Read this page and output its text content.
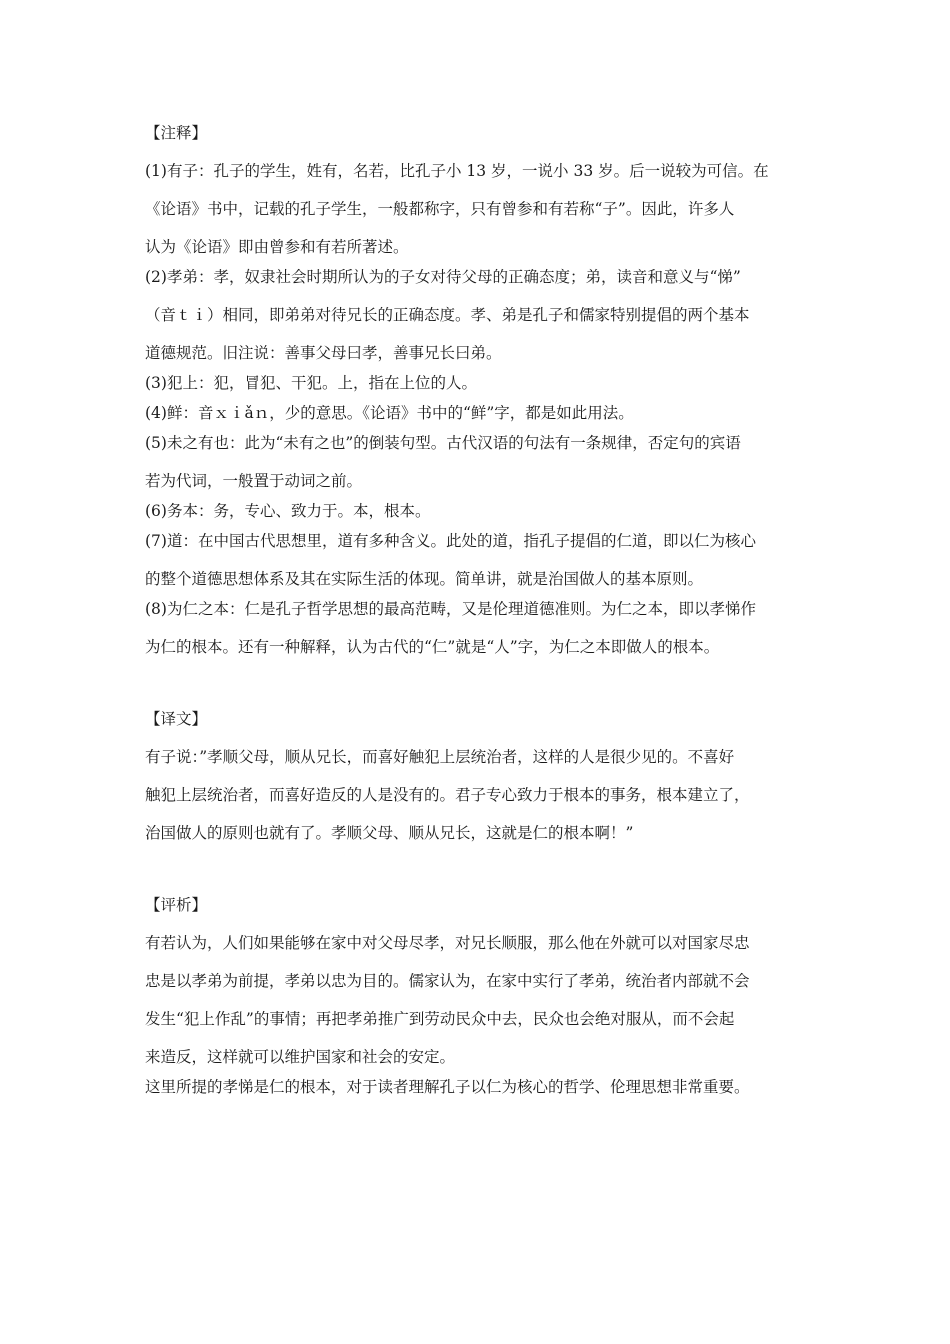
【注释】
(1)有子：孔子的学生，姓有，名若，比孔子小 13 岁，一说小 33 岁。后一说较为可信。在
《论语》书中，记载的孔子学生，一般都称字，只有曾参和有若称“子”。因此，许多人
认为《论语》即由曾参和有若所著述。
(2)孝弟：孝，奴隶社会时期所认为的子女对待父母的正确态度；弟，读音和意义与“悌”
（音ｔｉ）相同，即弟弟对待兄长的正确态度。孝、弟是孔子和儒家特别提倡的两个基本
道德规范。旧注说：善事父母曰孝，善事兄长曰弟。
(3)犯上：犯，冒犯、干犯。上，指在上位的人。
(4)鲜：音ｘｉǎｎ，少的意思。《论语》书中的“鲜”字，都是如此用法。
(5)未之有也：此为“未有之也”的倒装句型。古代汉语的句法有一条规律，否定句的宾语
若为代词，一般置于动词之前。
(6)务本：务，专心、致力于。本，根本。
(7)道：在中国古代思想里，道有多种含义。此处的道，指孔子提倡的仁道，即以仁为核心
的整个道德思想体系及其在实际生活的体现。简单讲，就是治国做人的基本原则。
(8)为仁之本：仁是孔子哲学思想的最高范畴，又是伦理道德准则。为仁之本，即以孝悌作
为仁的根本。还有一种解释，认为古代的“仁”就是“人”字，为仁之本即做人的根本。
【译文】
有子说：”孝顺父母，顺从兄长，而喜好触犯上层统治者，这样的人是很少见的。不喜好
触犯上层统治者，而喜好造反的人是没有的。君子专心致力于根本的事务，根本建立了，
治国做人的原则也就有了。孝顺父母、顺从兄长，这就是仁的根本啊！”
【评析】
有若认为，人们如果能够在家中对父母尽孝，对兄长顺服，那么他在外就可以对国家尽忠
忠是以孝弟为前提，孝弟以忠为目的。儒家认为，在家中实行了孝弟，统治者内部就不会
发生“犯上作乱”的事情；再把孝弟推广到劳动民众中去，民众也会绝对服从，而不会起
来造反，这样就可以维护国家和社会的安定。
这里所提的孝悌是仁的根本，对于读者理解孔子以仁为核心的哲学、伦理思想非常重要。
